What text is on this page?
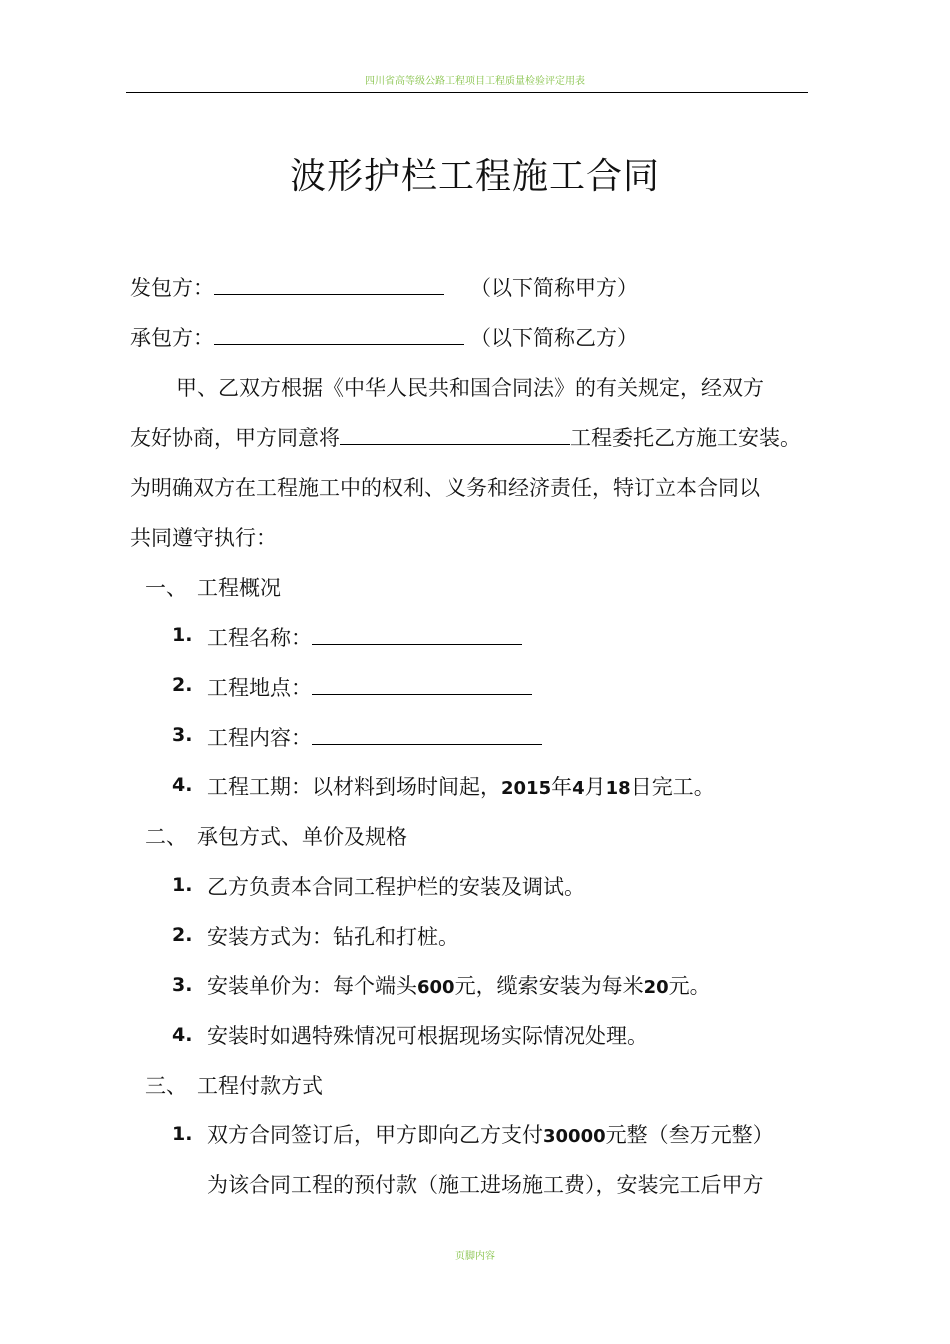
四川省高等级公路工程项目工程质量检验评定用表
波形护栏工程施工合同
发包方：	（以下简称甲方）
承包方：	（以下简称乙方）
甲、乙双方根据《中华人民共和国合同法》的有关规定，经双方
友好协商，甲方同意将	工程委托乙方施工安装。
为明确双方在工程施工中的权利、义务和经济责任，特订立本合同以
共同遵守执行：
一、 工程概况
1. 工程名称：
2. 工程地点：
3. 工程内容：
4. 工程工期：以材料到场时间起，2015年4月18日完工。
二、 承包方式、单价及规格
1. 乙方负责本合同工程护栏的安装及调试。
2. 安装方式为：钻孔和打桩。
3. 安装单价为：每个端头600元，缆索安装为每米20元。
4. 安装时如遇特殊情况可根据现场实际情况处理。
三、 工程付款方式
1. 双方合同签订后，甲方即向乙方支付30000元整（叁万元整）
为该合同工程的预付款（施工进场施工费），安装完工后甲方
页脚内容
